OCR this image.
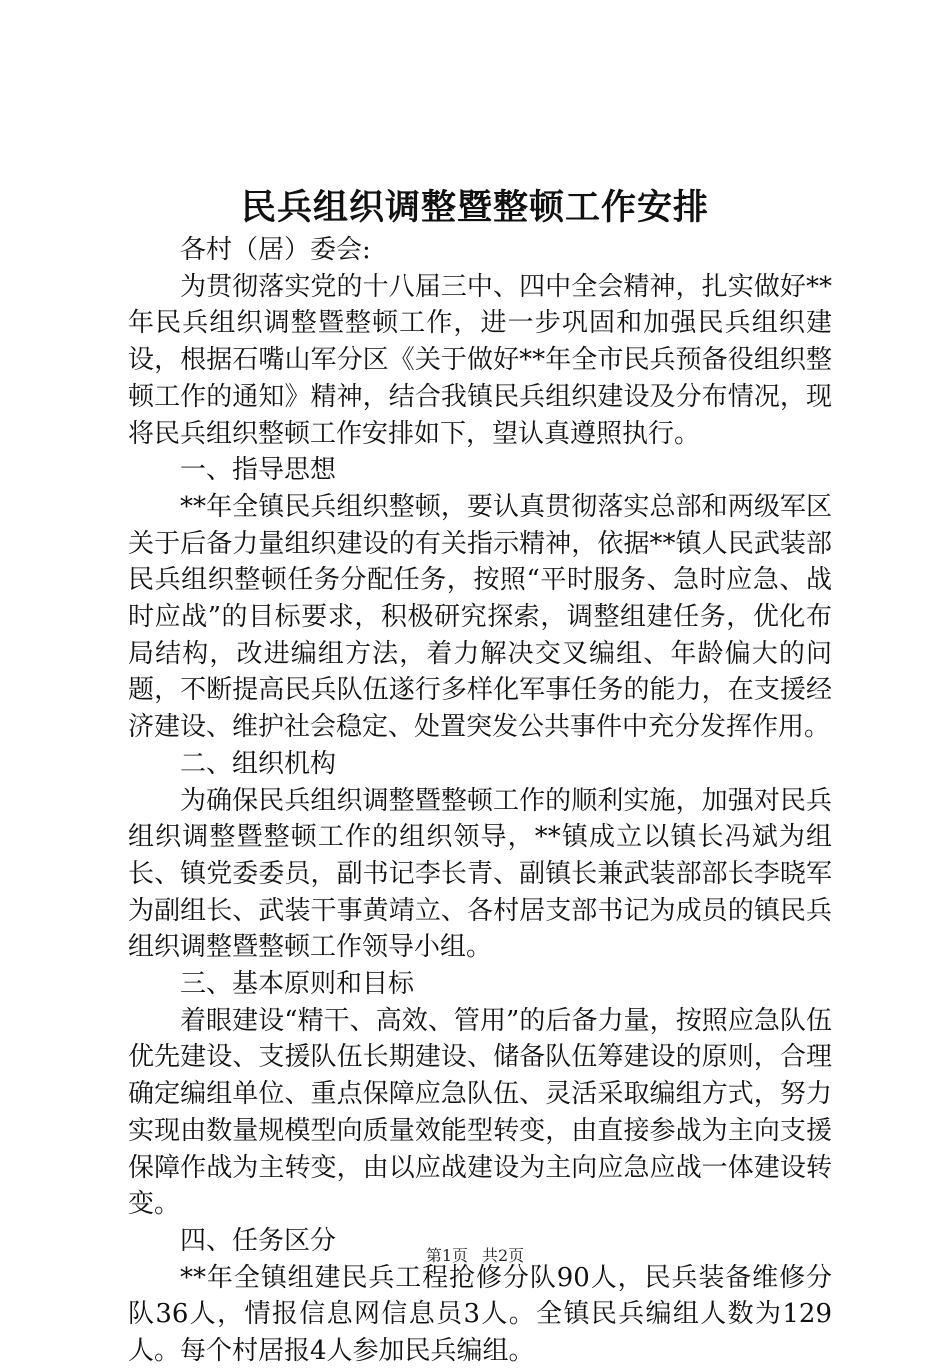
民兵组织调整暨整顿工作安排

各村（居）委会:

为贯彻落实党的十八届三中、四中全会精神，扎实做好**年民兵组织调整暨整顿工作，进一步巩固和加强民兵组织建设，根据石嘴山军分区《关于做好**年全市民兵预备役组织整顿工作的通知》精神，结合我镇民兵组织建设及分布情况，现将民兵组织整顿工作安排如下，望认真遵照执行。

一、指导思想

**年全镇民兵组织整顿，要认真贯彻落实总部和两级军区关于后备力量组织建设的有关指示精神，依据**镇人民武装部民兵组织整顿任务分配任务，按照“平时服务、急时应急、战时应战”的目标要求，积极研究探索，调整组建任务，优化布局结构，改进编组方法，着力解决交叉编组、年龄偏大的问题，不断提高民兵队伍遂行多样化军事任务的能力，在支援经济建设、维护社会稳定、处置突发公共事件中充分发挥作用。

二、组织机构

为确保民兵组织调整暨整顿工作的顺利实施，加强对民兵组织调整暨整顿工作的组织领导，**镇成立以镇长冯斌为组长、镇党委委员，副书记李长青、副镇长兼武装部部长李晓军为副组长、武装干事黄靖立、各村居支部书记为成员的镇民兵组织调整暨整顿工作领导小组。

三、基本原则和目标

着眼建设“精干、高效、管用”的后备力量，按照应急队伍优先建设、支援队伍长期建设、储备队伍筹建设的原则，合理确定编组单位、重点保障应急队伍、灵活采取编组方式，努力实现由数量规模型向质量效能型转变，由直接参战为主向支援保障作战为主转变，由以应战建设为主向应急应战一体建设转变。

四、任务区分

**年全镇组建民兵工程抢修分队90人，民兵装备维修分队36人，情报信息网信息员3人。全镇民兵编组人数为129人。每个村居报4人参加民兵编组。

第1页 共2页
